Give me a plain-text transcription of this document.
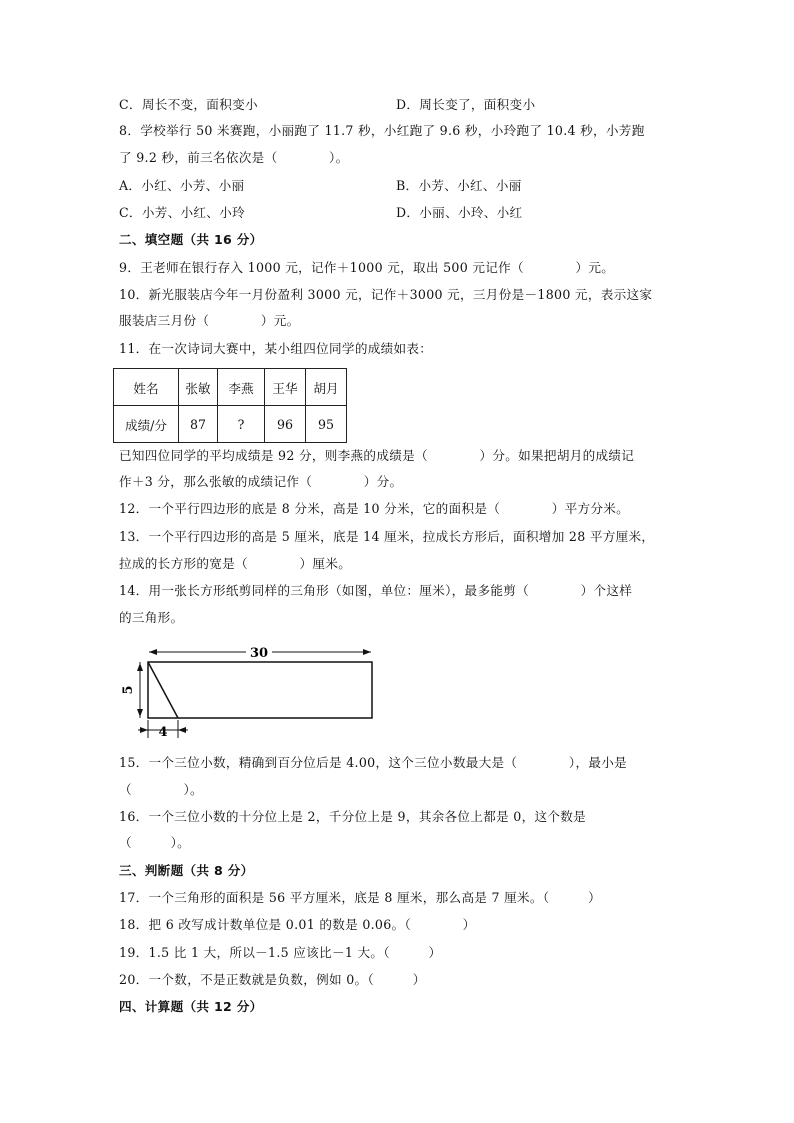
C．周长不变，面积变小	D．周长变了，面积变小
8．学校举行 50 米赛跑，小丽跑了 11.7 秒，小红跑了 9.6 秒，小玲跑了 10.4 秒，小芳跑
了 9.2 秒，前三名依次是（　　　　）。
A．小红、小芳、小丽	B．小芳、小红、小丽
C．小芳、小红、小玲	D．小丽、小玲、小红
二、填空题（共 16 分）
9．王老师在银行存入 1000 元，记作＋1000 元，取出 500 元记作（　　　　）元。
10．新光服装店今年一月份盈利 3000 元，记作＋3000 元，三月份是－1800 元，表示这家
服装店三月份（　　　　）元。
11．在一次诗词大赛中，某小组四位同学的成绩如表：
姓名	张敏	李燕	王华	胡月
成绩/分	87	?	96	95
已知四位同学的平均成绩是 92 分，则李燕的成绩是（　　　　）分。如果把胡月的成绩记
作＋3 分，那么张敏的成绩记作（　　　　）分。
12．一个平行四边形的底是 8 分米，高是 10 分米，它的面积是（　　　　）平方分米。
13．一个平行四边形的高是 5 厘米，底是 14 厘米，拉成长方形后，面积增加 28 平方厘米，
拉成的长方形的宽是（　　　　）厘米。
14．用一张长方形纸剪同样的三角形（如图，单位：厘米），最多能剪（　　　　）个这样
的三角形。
30
5
4
15．一个三位小数，精确到百分位后是 4.00，这个三位小数最大是（　　　　），最小是
（　　　　）。
16．一个三位小数的十分位上是 2，千分位上是 9，其余各位上都是 0，这个数是
（　　　）。
三、判断题（共 8 分）
17．一个三角形的面积是 56 平方厘米，底是 8 厘米，那么高是 7 厘米。（　　　）
18．把 6 改写成计数单位是 0.01 的数是 0.06。（　　　　）
19．1.5 比 1 大，所以－1.5 应该比－1 大。（　　　）
20．一个数，不是正数就是负数，例如 0。（　　　）
四、计算题（共 12 分）
